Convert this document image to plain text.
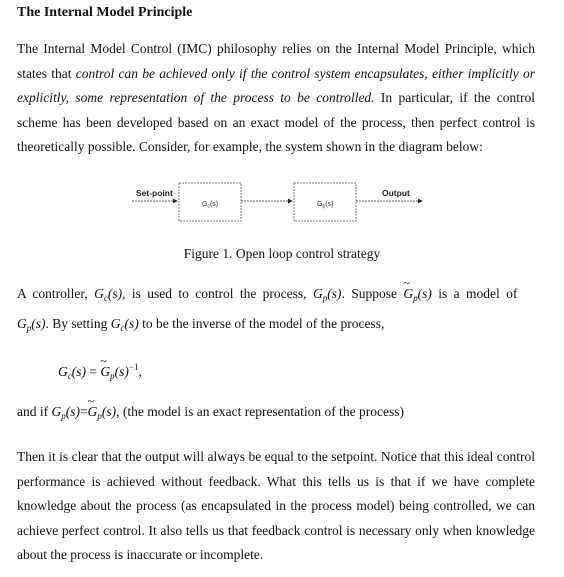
The Internal Model Principle
The Internal Model Control (IMC) philosophy relies on the Internal Model Principle, which states that control can be achieved only if the control system encapsulates, either implicitly or explicitly, some representation of the process to be controlled. In particular, if the control scheme has been developed based on an exact model of the process, then perfect control is theoretically possible. Consider, for example, the system shown in the diagram below:
Set-point
$G_c(s)$	$G_p(s)$
Output
Figure 1. Open loop control strategy
A controller, $G_c(s)$, is used to control the process, $G_p(s)$. Suppose ~ $G_p(s)$ is a model of
$G_p(s)$. By setting $G_c(s)$ to be the inverse of the model of the process,
$G_c(s)$ = ~ $G_p(s)^{-1}$,
and if $G_p(s)=\sim$ $G_p(s)$, (the model is an exact representation of the process)
Then it is clear that the output will always be equal to the setpoint. Notice that this ideal control performance is achieved without feedback. What this tells us is that if we have complete knowledge about the process (as encapsulated in the process model) being controlled, we can achieve perfect control. It also tells us that feedback control is necessary only when knowledge about the process is inaccurate or incomplete.
